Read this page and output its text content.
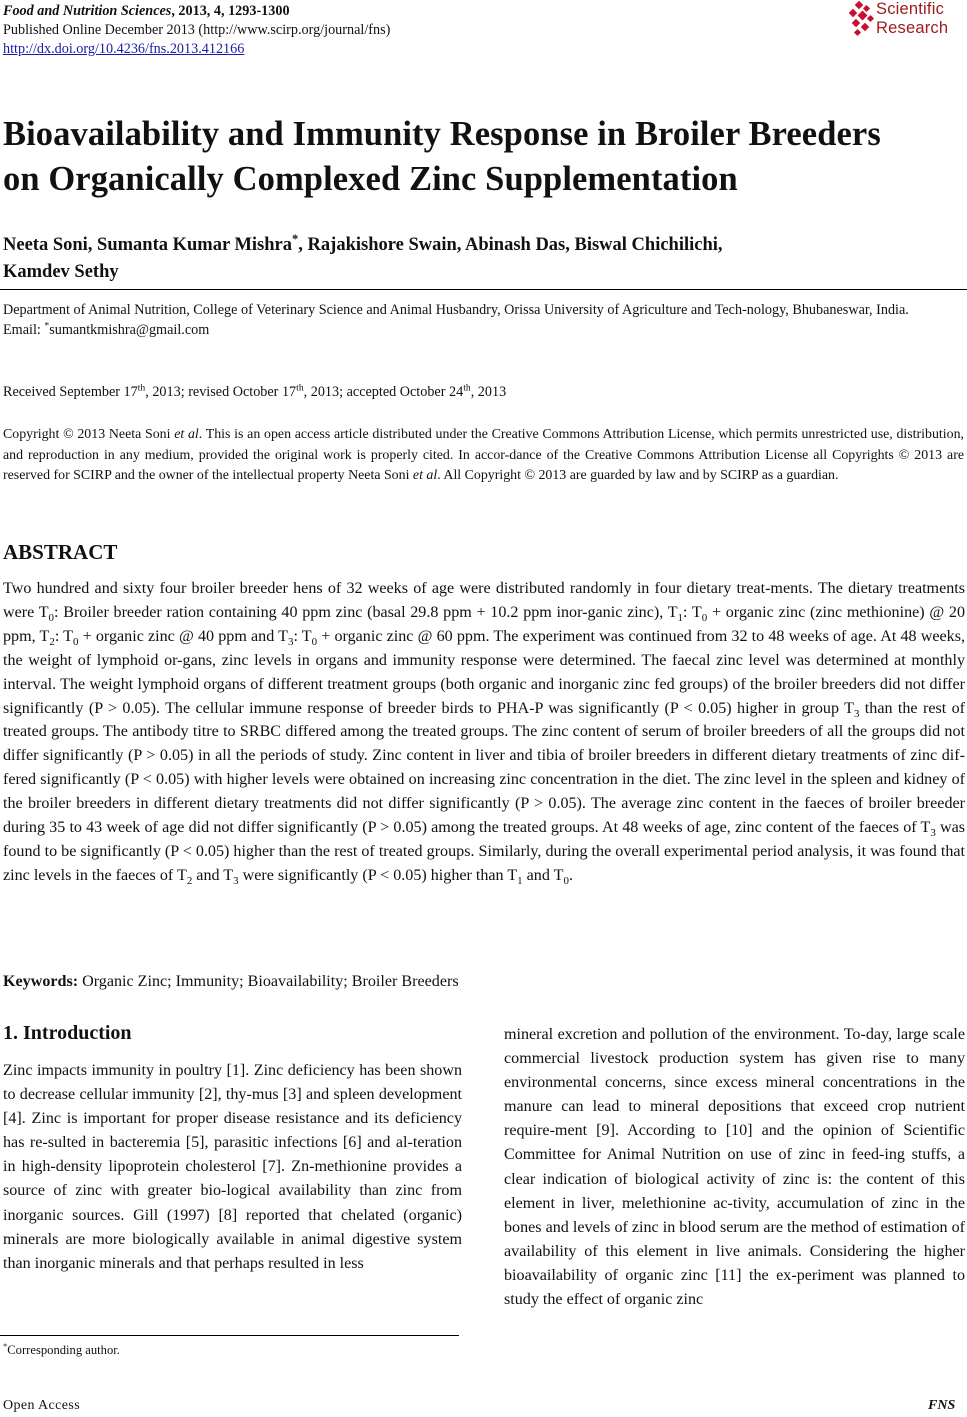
Food and Nutrition Sciences, 2013, 4, 1293-1300
Published Online December 2013 (http://www.scirp.org/journal/fns)
http://dx.doi.org/10.4236/fns.2013.412166
Scientific
Research
Bioavailability and Immunity Response in Broiler Breeders
on Organically Complexed Zinc Supplementation
Neeta Soni, Sumanta Kumar Mishra*, Rajakishore Swain, Abinash Das, Biswal Chichilichi,
Kamdev Sethy
Department of Animal Nutrition, College of Veterinary Science and Animal Husbandry, Orissa University of Agriculture and Tech-nology, Bhubaneswar, India.
Email: *sumantkmishra@gmail.com
Received September 17th, 2013; revised October 17th, 2013; accepted October 24th, 2013
Copyright © 2013 Neeta Soni et al. This is an open access article distributed under the Creative Commons Attribution License, which permits unrestricted use, distribution, and reproduction in any medium, provided the original work is properly cited. In accor-dance of the Creative Commons Attribution License all Copyrights © 2013 are reserved for SCIRP and the owner of the intellectual property Neeta Soni et al. All Copyright © 2013 are guarded by law and by SCIRP as a guardian.
ABSTRACT
Two hundred and sixty four broiler breeder hens of 32 weeks of age were distributed randomly in four dietary treat-ments. The dietary treatments were $T_0$: Broiler breeder ration containing 40 ppm zinc (basal 29.8 ppm + 10.2 ppm inor-ganic zinc), $T_1$: $T_0$ + organic zinc (zinc methionine) @ 20 ppm, $T_2$: $T_0$ + organic zinc @ 40 ppm and $T_3$: $T_0$ + organic zinc @ 60 ppm. The experiment was continued from 32 to 48 weeks of age. At 48 weeks, the weight of lymphoid or-gans, zinc levels in organs and immunity response were determined. The faecal zinc level was determined at monthly interval. The weight lymphoid organs of different treatment groups (both organic and inorganic zinc fed groups) of the broiler breeders did not differ significantly (P > 0.05). The cellular immune response of breeder birds to PHA-P was significantly (P < 0.05) higher in group $T_3$ than the rest of treated groups. The antibody titre to SRBC differed among the treated groups. The zinc content of serum of broiler breeders of all the groups did not differ significantly (P > 0.05) in all the periods of study. Zinc content in liver and tibia of broiler breeders in different dietary treatments of zinc dif-fered significantly (P < 0.05) with higher levels were obtained on increasing zinc concentration in the diet. The zinc level in the spleen and kidney of the broiler breeders in different dietary treatments did not differ significantly (P > 0.05). The average zinc content in the faeces of broiler breeder during 35 to 43 week of age did not differ significantly (P > 0.05) among the treated groups. At 48 weeks of age, zinc content of the faeces of $T_3$ was found to be significantly (P < 0.05) higher than the rest of treated groups. Similarly, during the overall experimental period analysis, it was found that zinc levels in the faeces of $T_2$ and $T_3$ were significantly (P < 0.05) higher than $T_1$ and $T_0$.
Keywords: Organic Zinc; Immunity; Bioavailability; Broiler Breeders
1. Introduction
Zinc impacts immunity in poultry [1]. Zinc deficiency has been shown to decrease cellular immunity [2], thy-mus [3] and spleen development [4]. Zinc is important for proper disease resistance and its deficiency has re-sulted in bacteremia [5], parasitic infections [6] and al-teration in high-density lipoprotein cholesterol [7]. Zn-methionine provides a source of zinc with greater bio-logical availability than zinc from inorganic sources. Gill (1997) [8] reported that chelated (organic) minerals are more biologically available in animal digestive system than inorganic minerals and that perhaps resulted in less
mineral excretion and pollution of the environment. To-day, large scale commercial livestock production system has given rise to many environmental concerns, since excess mineral concentrations in the manure can lead to mineral depositions that exceed crop nutrient require-ment [9]. According to [10] and the opinion of Scientific Committee for Animal Nutrition on use of zinc in feed-ing stuffs, a clear indication of biological activity of zinc is: the content of this element in liver, melethionine ac-tivity, accumulation of zinc in the bones and levels of zinc in blood serum are the method of estimation of availability of this element in live animals. Considering the higher bioavailability of organic zinc [11] the ex-periment was planned to study the effect of organic zinc
*Corresponding author.
Open Access	FNS
